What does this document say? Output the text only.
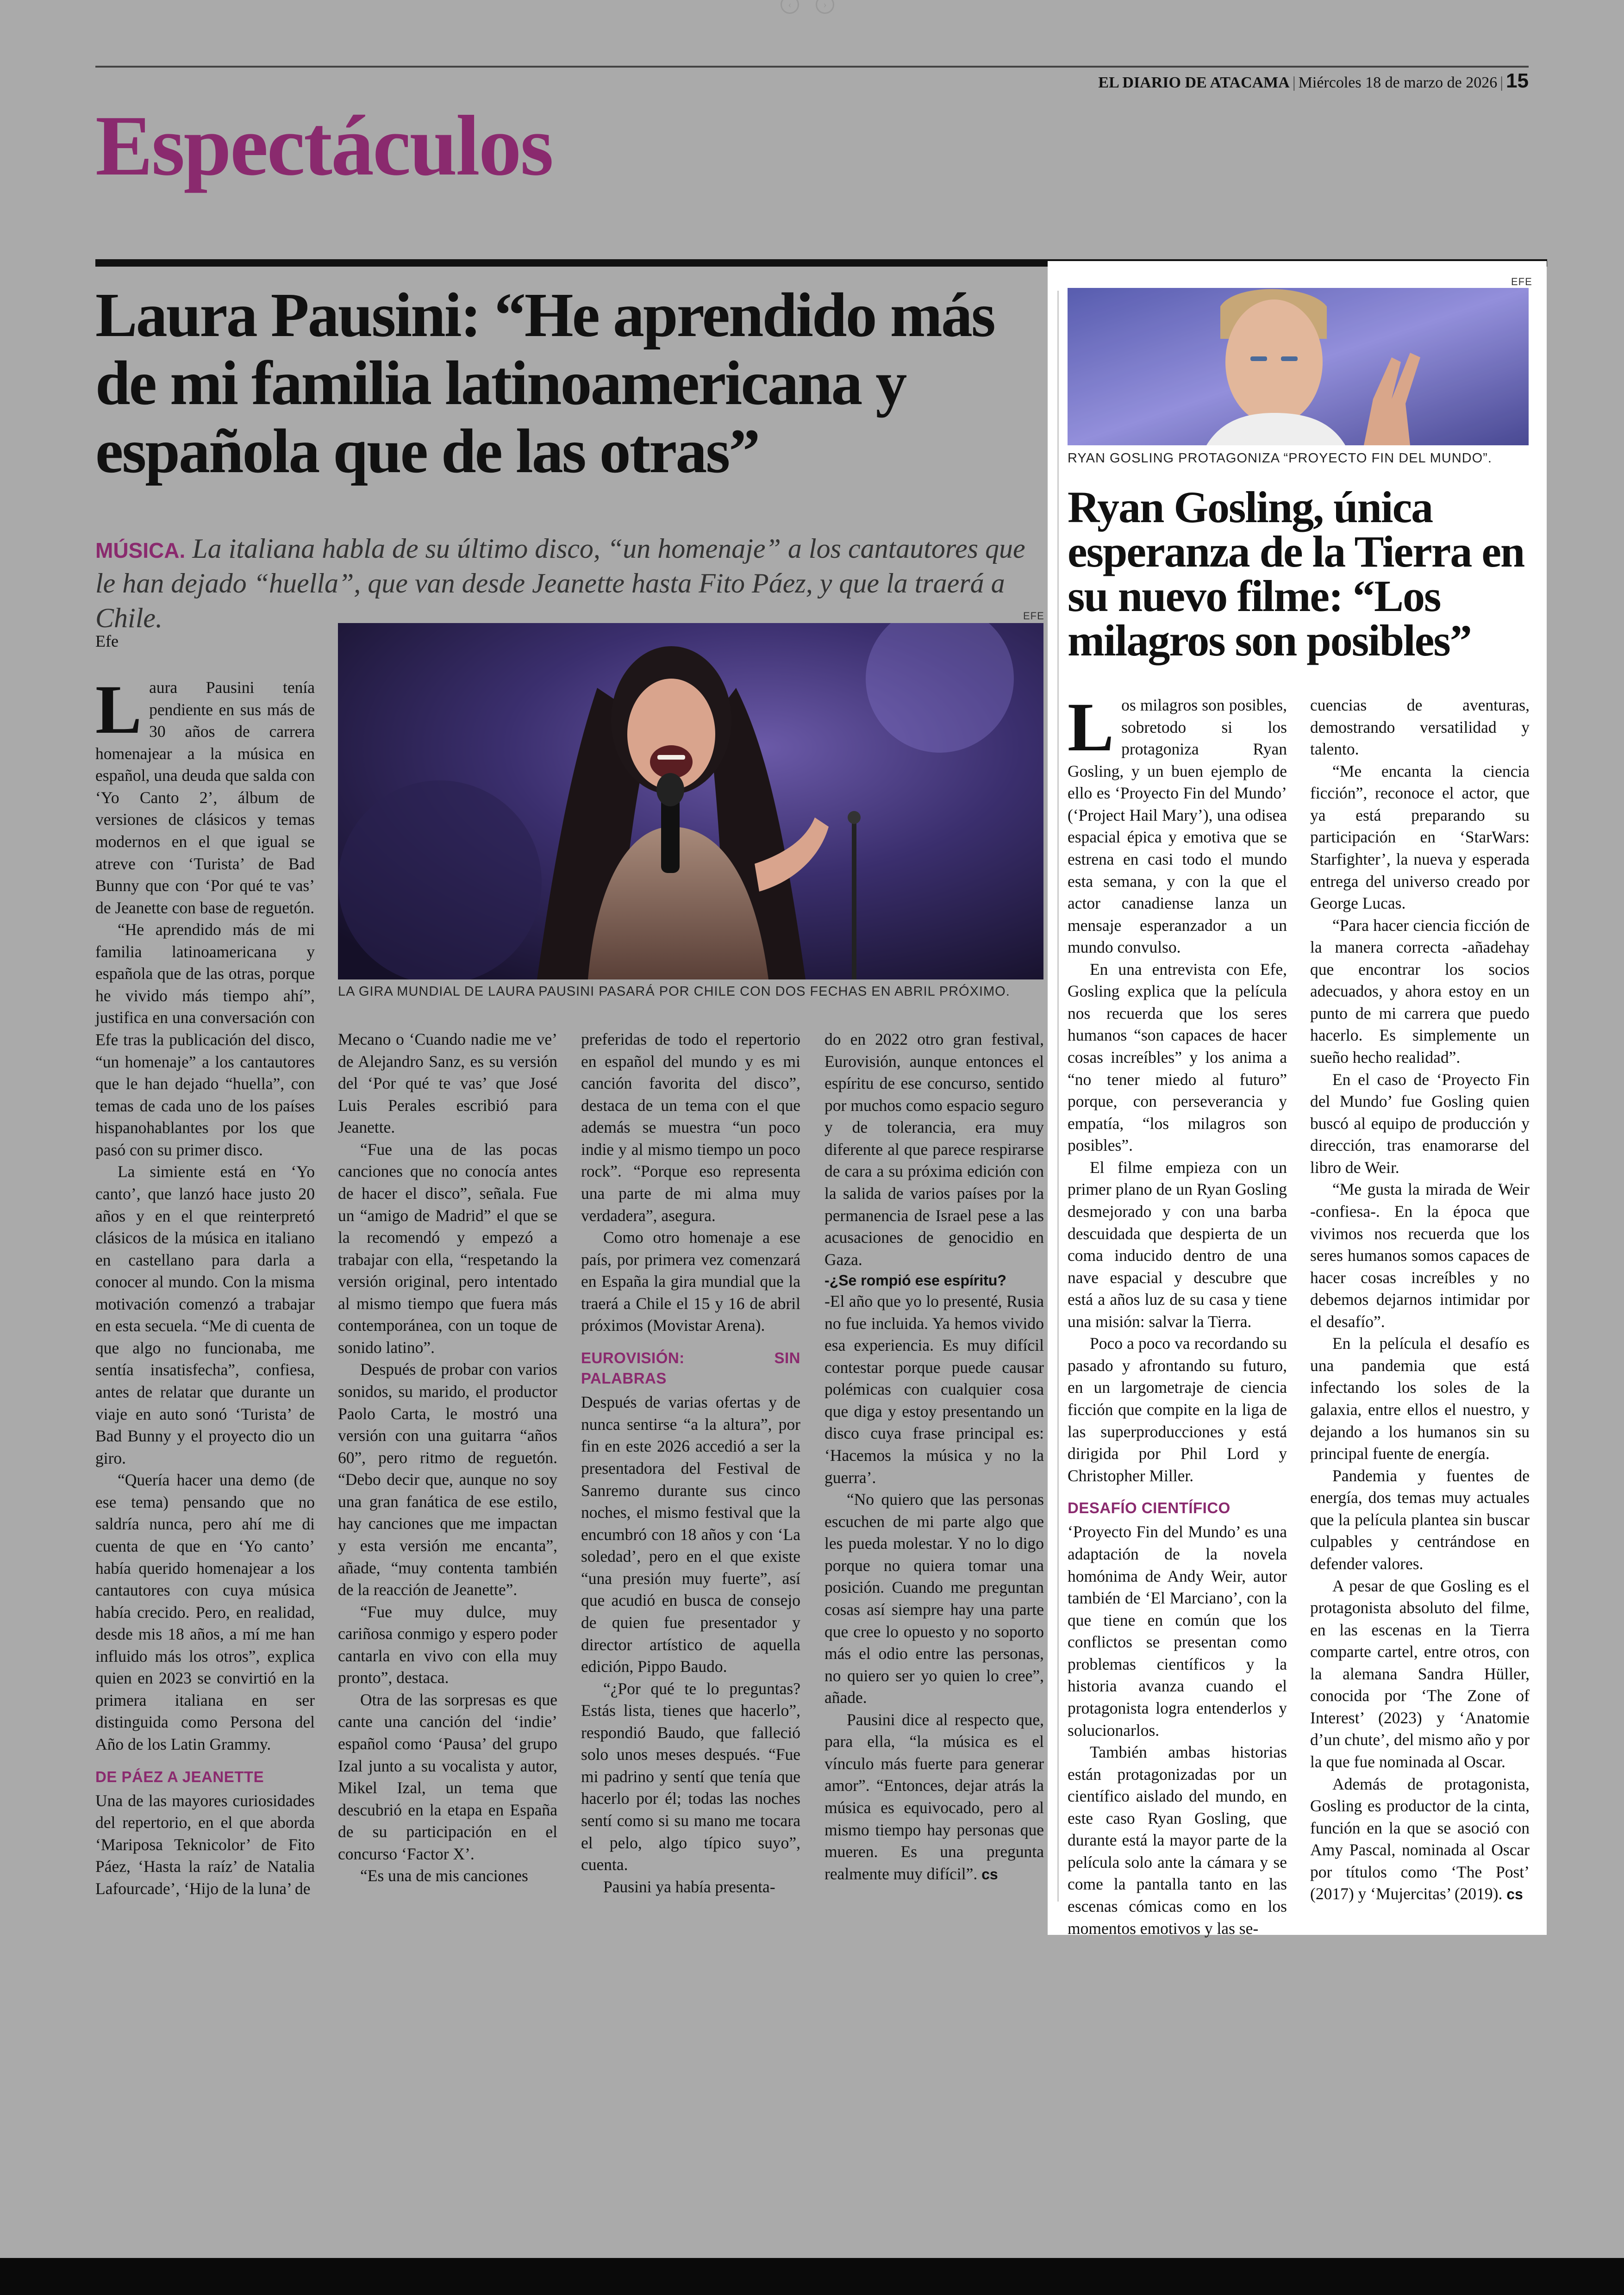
‹	›
EL DIARIO DE ATACAMA | Miércoles 18 de marzo de 2026 | 15
Espectáculos
Laura Pausini: “He aprendido más de mi familia latinoamericana y española que de las otras”
MÚSICA. La italiana habla de su último disco, “un homenaje” a los cantautores que le han dejado “huella”, que van desde Jeanette hasta Fito Páez, y que la traerá a Chile.
Efe
EFE
LA GIRA MUNDIAL DE LAURA PAUSINI PASARÁ POR CHILE CON DOS FECHAS EN ABRIL PRÓXIMO.

Laura Pausini tenía pendiente en sus más de 30 años de carrera homenajear a la música en español, una deuda que salda con ‘Yo Canto 2’, álbum de versiones de clásicos y temas modernos en el que igual se atreve con ‘Turista’ de Bad Bunny que con ‘Por qué te vas’ de Jeanette con base de reguetón.

“He aprendido más de mi familia latinoamericana y española que de las otras, porque he vivido más tiempo ahí”, justifica en una conversación con Efe tras la publicación del disco, “un homenaje” a los cantautores que le han dejado “huella”, con temas de cada uno de los países hispanohablantes por los que pasó con su primer disco.

La simiente está en ‘Yo canto’, que lanzó hace justo 20 años y en el que reinterpretó clásicos de la música en italiano en castellano para darla a conocer al mundo. Con la misma motivación comenzó a trabajar en esta secuela. “Me di cuenta de que algo no funcionaba, me sentía insatisfecha”, confiesa, antes de relatar que durante un viaje en auto sonó ‘Turista’ de Bad Bunny y el proyecto dio un giro.

“Quería hacer una demo (de ese tema) pensando que no saldría nunca, pero ahí me di cuenta de que en ‘Yo canto’ había querido homenajear a los cantautores con cuya música había crecido. Pero, en realidad, desde mis 18 años, a mí me han influido más los otros”, explica quien en 2023 se convirtió en la primera italiana en ser distinguida como Persona del Año de los Latin Grammy.

DE PÁEZ A JEANETTE

Una de las mayores curiosidades del repertorio, en el que aborda ‘Mariposa Teknicolor’ de Fito Páez, ‘Hasta la raíz’ de Natalia Lafourcade’, ‘Hijo de la luna’ de

Mecano o ‘Cuando nadie me ve’ de Alejandro Sanz, es su versión del ‘Por qué te vas’ que José Luis Perales escribió para Jeanette.

“Fue una de las pocas canciones que no conocía antes de hacer el disco”, señala. Fue un “amigo de Madrid” el que se la recomendó y empezó a trabajar con ella, “respetando la versión original, pero intentado al mismo tiempo que fuera más contemporánea, con un toque de sonido latino”.

Después de probar con varios sonidos, su marido, el productor Paolo Carta, le mostró una versión con una guitarra “años 60”, pero ritmo de reguetón. “Debo decir que, aunque no soy una gran fanática de ese estilo, hay canciones que me impactan y esta versión me encanta”, añade, “muy contenta también de la reacción de Jeanette”.

“Fue muy dulce, muy cariñosa conmigo y espero poder cantarla en vivo con ella muy pronto”, destaca.

Otra de las sorpresas es que cante una canción del ‘indie’ español como ‘Pausa’ del grupo Izal junto a su vocalista y autor, Mikel Izal, un tema que descubrió en la etapa en España de su participación en el concurso ‘Factor X’.

“Es una de mis canciones

preferidas de todo el repertorio en español del mundo y es mi canción favorita del disco”, destaca de un tema con el que además se muestra “un poco indie y al mismo tiempo un poco rock”. “Porque eso representa una parte de mi alma muy verdadera”, asegura.

Como otro homenaje a ese país, por primera vez comenzará en España la gira mundial que la traerá a Chile el 15 y 16 de abril próximos (Movistar Arena).

EUROVISIÓN: SIN PALABRAS

Después de varias ofertas y de nunca sentirse “a la altura”, por fin en este 2026 accedió a ser la presentadora del Festival de Sanremo durante sus cinco noches, el mismo festival que la encumbró con 18 años y con ‘La soledad’, pero en el que existe “una presión muy fuerte”, así que acudió en busca de consejo de quien fue presentador y director artístico de aquella edición, Pippo Baudo.

“¿Por qué te lo preguntas? Estás lista, tienes que hacerlo”, respondió Baudo, que falleció solo unos meses después. “Fue mi padrino y sentí que tenía que hacerlo por él; todas las noches sentí como si su mano me tocara el pelo, algo típico suyo”, cuenta.

Pausini ya había presenta-

do en 2022 otro gran festival, Eurovisión, aunque entonces el espíritu de ese concurso, sentido por muchos como espacio seguro y de tolerancia, era muy diferente al que parece respirarse de cara a su próxima edición con la salida de varios países por la permanencia de Israel pese a las acusaciones de genocidio en Gaza.

-¿Se rompió ese espíritu?

-El año que yo lo presenté, Rusia no fue incluida. Ya hemos vivido esa experiencia. Es muy difícil contestar porque puede causar polémicas con cualquier cosa que diga y estoy presentando un disco cuya frase principal es: ‘Hacemos la música y no la guerra’.

“No quiero que las personas escuchen de mi parte algo que les pueda molestar. Y no lo digo porque no quiera tomar una posición. Cuando me preguntan cosas así siempre hay una parte que cree lo opuesto y no soporto más el odio entre las personas, no quiero ser yo quien lo cree”, añade.

Pausini dice al respecto que, para ella, “la música es el vínculo más fuerte para generar amor”. “Entonces, dejar atrás la música es equivocado, pero al mismo tiempo hay personas que mueren. Es una pregunta realmente muy difícil”. cs

EFE
RYAN GOSLING PROTAGONIZA “PROYECTO FIN DEL MUNDO”.
Ryan Gosling, única esperanza de la Tierra en su nuevo filme: “Los milagros son posibles”

Los milagros son posibles, sobretodo si los protagoniza Ryan Gosling, y un buen ejemplo de ello es ‘Proyecto Fin del Mundo’ (‘Project Hail Mary’), una odisea espacial épica y emotiva que se estrena en casi todo el mundo esta semana, y con la que el actor canadiense lanza un mensaje esperanzador a un mundo convulso.

En una entrevista con Efe, Gosling explica que la película nos recuerda que los seres humanos “son capaces de hacer cosas increíbles” y los anima a “no tener miedo al futuro” porque, con perseverancia y empatía, “los milagros son posibles”.

El filme empieza con un primer plano de un Ryan Gosling desmejorado y con una barba descuidada que despierta de un coma inducido dentro de una nave espacial y descubre que está a años luz de su casa y tiene una misión: salvar la Tierra.

Poco a poco va recordando su pasado y afrontando su futuro, en un largometraje de ciencia ficción que compite en la liga de las superproducciones y está dirigida por Phil Lord y Christopher Miller.

DESAFÍO CIENTÍFICO

‘Proyecto Fin del Mundo’ es una adaptación de la novela homónima de Andy Weir, autor también de ‘El Marciano’, con la que tiene en común que los conflictos se presentan como problemas científicos y la historia avanza cuando el protagonista logra entenderlos y solucionarlos.

También ambas historias están protagonizadas por un científico aislado del mundo, en este caso Ryan Gosling, que durante está la mayor parte de la película solo ante la cámara y se come la pantalla tanto en las escenas cómicas como en los momentos emotivos y las se-

cuencias de aventuras, demostrando versatilidad y talento.

“Me encanta la ciencia ficción”, reconoce el actor, que ya está preparando su participación en ‘StarWars: Starfighter’, la nueva y esperada entrega del universo creado por George Lucas.

“Para hacer ciencia ficción de la manera correcta -añadehay que encontrar los socios adecuados, y ahora estoy en un punto de mi carrera que puedo hacerlo. Es simplemente un sueño hecho realidad”.

En el caso de ‘Proyecto Fin del Mundo’ fue Gosling quien buscó al equipo de producción y dirección, tras enamorarse del libro de Weir.

“Me gusta la mirada de Weir -confiesa-. En la época que vivimos nos recuerda que los seres humanos somos capaces de hacer cosas increíbles y no debemos dejarnos intimidar por el desafío”.

En la película el desafío es una pandemia que está infectando los soles de la galaxia, entre ellos el nuestro, y dejando a los humanos sin su principal fuente de energía.

Pandemia y fuentes de energía, dos temas muy actuales que la película plantea sin buscar culpables y centrándose en defender valores.

A pesar de que Gosling es el protagonista absoluto del filme, en las escenas en la Tierra comparte cartel, entre otros, con la alemana Sandra Hüller, conocida por ‘The Zone of Interest’ (2023) y ‘Anatomie d’un chute’, del mismo año y por la que fue nominada al Oscar.

Además de protagonista, Gosling es productor de la cinta, función en la que se asoció con Amy Pascal, nominada al Oscar por títulos como ‘The Post’ (2017) y ‘Mujercitas’ (2019). cs
